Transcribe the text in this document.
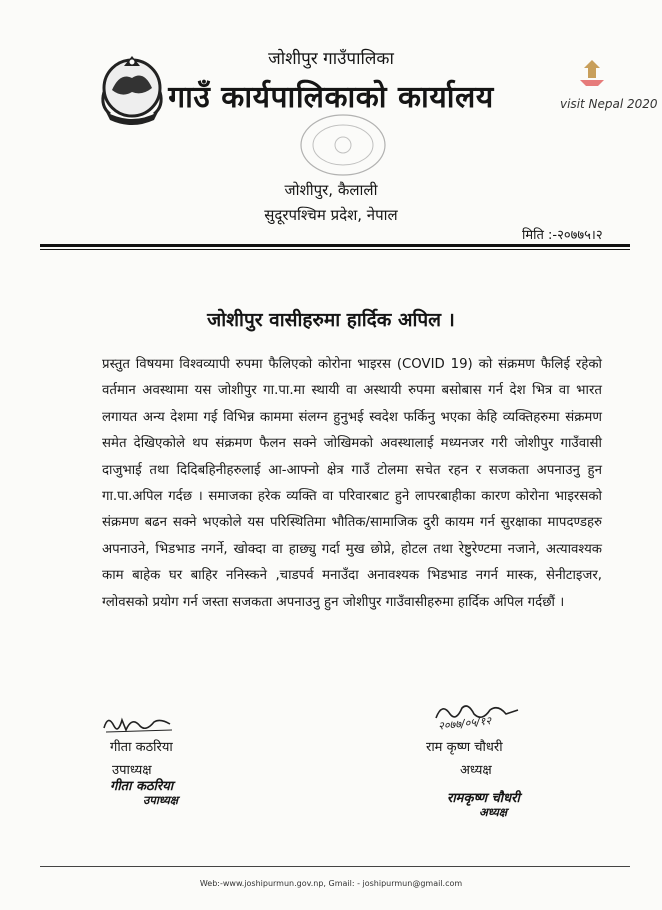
जोशीपुर गाउँपालिका
गाउँ कार्यपालिकाको कार्यालय	visit Nepal 2020
जोशीपुर, कैलाली
सुदूरपश्चिम प्रदेश, नेपाल
मिति :-२०७७५।२
जोशीपुर वासीहरुमा हार्दिक अपिल ।
प्रस्तुत विषयमा विश्वव्यापी रुपमा फैलिएको कोरोना भाइरस (COVID 19) को संक्रमण फैलिई रहेको वर्तमान अवस्थामा यस जोशीपुर गा.पा.मा स्थायी वा अस्थायी रुपमा बसोबास गर्न देश भित्र वा भारत लगायत अन्य देशमा गई विभिन्न काममा संलग्न हुनुभई स्वदेश फर्किनु भएका केहि व्यक्तिहरुमा संक्रमण समेत देखिएकोले थप संक्रमण फैलन सक्ने जोखिमको अवस्थालाई मध्यनजर गरी जोशीपुर गाउँवासी दाजुभाई तथा दिदिबहिनीहरुलाई आ-आफ्नो क्षेत्र गाउँ टोलमा सचेत रहन र सजकता अपनाउनु हुन गा.पा.अपिल गर्दछ । समाजका हरेक व्यक्ति वा परिवारबाट हुने लापरबाहीका कारण कोरोना भाइरसको संक्रमण बढन सक्ने भएकोले यस परिस्थितिमा भौतिक/सामाजिक दुरी कायम गर्न सुरक्षाका मापदण्डहरु अपनाउने, भिडभाड नगर्ने, खोक्दा वा हाछ्यु गर्दा मुख छोप्ने, होटल तथा रेष्टुरेण्टमा नजाने, अत्यावश्यक काम बाहेक घर बाहिर ननिस्कने ,चाडपर्व मनाउँदा अनावश्यक भिडभाड नगर्न मास्क, सेनीटाइजर, ग्लोवसको प्रयोग गर्न जस्ता सजकता अपनाउनु हुन जोशीपुर गाउँवासीहरुमा हार्दिक अपिल गर्दछौं ।
गीता कठरिया
उपाध्यक्ष
गीता कठरिया
उपाध्यक्ष
२०७७/०५/१२
राम कृष्ण चौधरी
अध्यक्ष
रामकृष्ण चौधरी
अध्यक्ष
Web:-www.joshipurmun.gov.np, Gmail: - joshipurmun@gmail.com
